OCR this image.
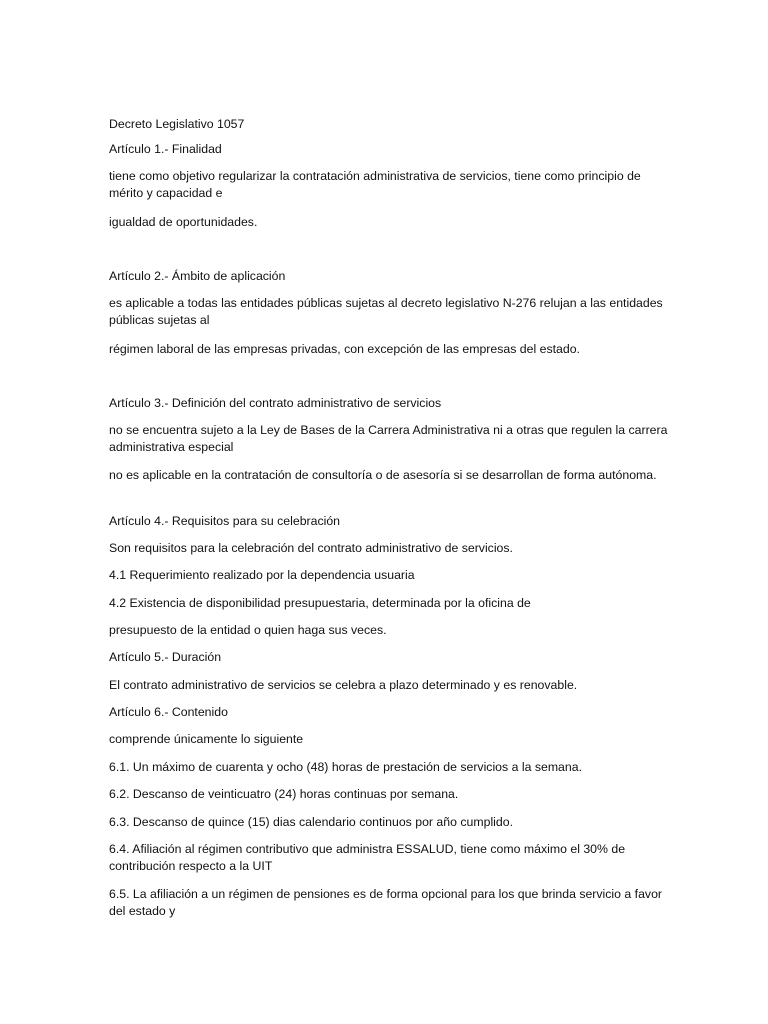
Decreto Legislativo 1057

Artículo 1.- Finalidad

tiene como objetivo regularizar la contratación administrativa de servicios, tiene como principio de mérito y capacidad e

igualdad de oportunidades.

Artículo 2.- Ámbito de aplicación

es aplicable a todas las entidades públicas sujetas al decreto legislativo N-276 relujan a las entidades públicas sujetas al

régimen laboral de las empresas privadas, con excepción de las empresas del estado.

Artículo 3.- Definición del contrato administrativo de servicios

no se encuentra sujeto a la Ley de Bases de la Carrera Administrativa ni a otras que regulen la carrera administrativa especial

no es aplicable en la contratación de consultoría o de asesoría si se desarrollan de forma autónoma.

Artículo 4.- Requisitos para su celebración

Son requisitos para la celebración del contrato administrativo de servicios.

4.1 Requerimiento realizado por la dependencia usuaria

4.2 Existencia de disponibilidad presupuestaria, determinada por la oficina de

presupuesto de la entidad o quien haga sus veces.

Artículo 5.- Duración

El contrato administrativo de servicios se celebra a plazo determinado y es renovable.

Artículo 6.- Contenido

comprende únicamente lo siguiente

6.1. Un máximo de cuarenta y ocho (48) horas de prestación de servicios a la semana.

6.2. Descanso de veinticuatro (24) horas continuas por semana.

6.3. Descanso de quince (15) dias calendario continuos por año cumplido.

6.4. Afiliación al régimen contributivo que administra ESSALUD, tiene como máximo el 30% de contribución respecto a la UIT

6.5. La afiliación a un régimen de pensiones es de forma opcional para los que brinda servicio a favor del estado y
